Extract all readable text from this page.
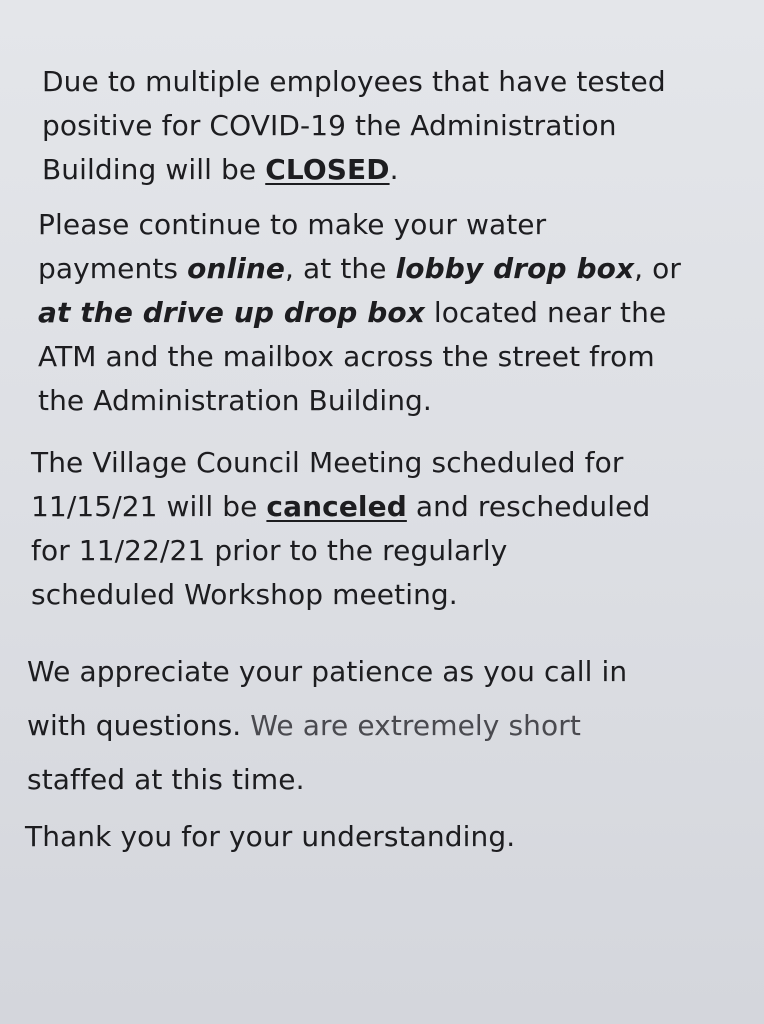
Due to multiple employees that have tested
positive for COVID-19 the Administration
Building will be CLOSED.

Please continue to make your water
payments online, at the lobby drop box, or
at the drive up drop box located near the
ATM and the mailbox across the street from
the Administration Building.

The Village Council Meeting scheduled for
11/15/21 will be canceled and rescheduled
for 11/22/21 prior to the regularly
scheduled Workshop meeting.

We appreciate your patience as you call in
with questions. We are extremely short
staffed at this time.

Thank you for your understanding.
